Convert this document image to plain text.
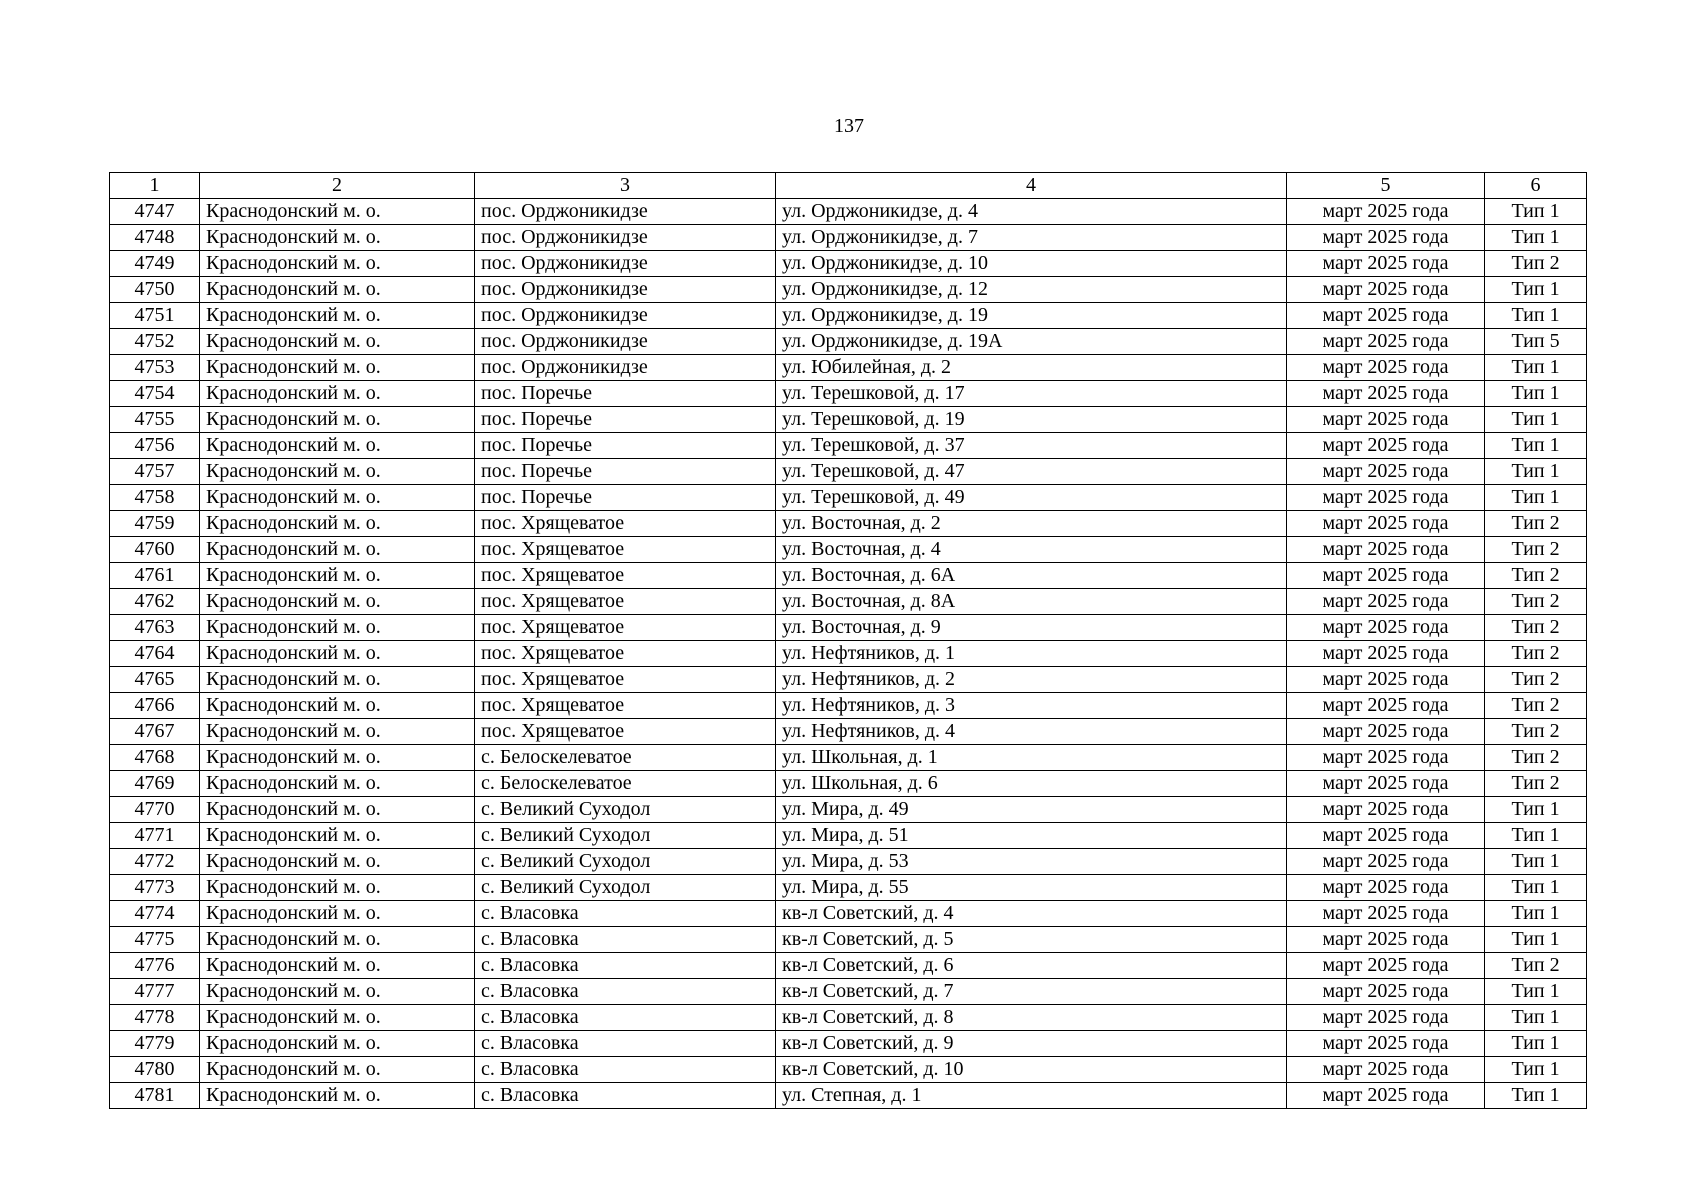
137
1	2	3	4	5	6
4747	Краснодонский м. о.	пос. Орджоникидзе	ул. Орджоникидзе, д. 4	март 2025 года	Тип 1
4748	Краснодонский м. о.	пос. Орджоникидзе	ул. Орджоникидзе, д. 7	март 2025 года	Тип 1
4749	Краснодонский м. о.	пос. Орджоникидзе	ул. Орджоникидзе, д. 10	март 2025 года	Тип 2
4750	Краснодонский м. о.	пос. Орджоникидзе	ул. Орджоникидзе, д. 12	март 2025 года	Тип 1
4751	Краснодонский м. о.	пос. Орджоникидзе	ул. Орджоникидзе, д. 19	март 2025 года	Тип 1
4752	Краснодонский м. о.	пос. Орджоникидзе	ул. Орджоникидзе, д. 19А	март 2025 года	Тип 5
4753	Краснодонский м. о.	пос. Орджоникидзе	ул. Юбилейная, д. 2	март 2025 года	Тип 1
4754	Краснодонский м. о.	пос. Поречье	ул. Терешковой, д. 17	март 2025 года	Тип 1
4755	Краснодонский м. о.	пос. Поречье	ул. Терешковой, д. 19	март 2025 года	Тип 1
4756	Краснодонский м. о.	пос. Поречье	ул. Терешковой, д. 37	март 2025 года	Тип 1
4757	Краснодонский м. о.	пос. Поречье	ул. Терешковой, д. 47	март 2025 года	Тип 1
4758	Краснодонский м. о.	пос. Поречье	ул. Терешковой, д. 49	март 2025 года	Тип 1
4759	Краснодонский м. о.	пос. Хрящеватое	ул. Восточная, д. 2	март 2025 года	Тип 2
4760	Краснодонский м. о.	пос. Хрящеватое	ул. Восточная, д. 4	март 2025 года	Тип 2
4761	Краснодонский м. о.	пос. Хрящеватое	ул. Восточная, д. 6А	март 2025 года	Тип 2
4762	Краснодонский м. о.	пос. Хрящеватое	ул. Восточная, д. 8А	март 2025 года	Тип 2
4763	Краснодонский м. о.	пос. Хрящеватое	ул. Восточная, д. 9	март 2025 года	Тип 2
4764	Краснодонский м. о.	пос. Хрящеватое	ул. Нефтяников, д. 1	март 2025 года	Тип 2
4765	Краснодонский м. о.	пос. Хрящеватое	ул. Нефтяников, д. 2	март 2025 года	Тип 2
4766	Краснодонский м. о.	пос. Хрящеватое	ул. Нефтяников, д. 3	март 2025 года	Тип 2
4767	Краснодонский м. о.	пос. Хрящеватое	ул. Нефтяников, д. 4	март 2025 года	Тип 2
4768	Краснодонский м. о.	с. Белоскелеватое	ул. Школьная, д. 1	март 2025 года	Тип 2
4769	Краснодонский м. о.	с. Белоскелеватое	ул. Школьная, д. 6	март 2025 года	Тип 2
4770	Краснодонский м. о.	с. Великий Суходол	ул. Мира, д. 49	март 2025 года	Тип 1
4771	Краснодонский м. о.	с. Великий Суходол	ул. Мира, д. 51	март 2025 года	Тип 1
4772	Краснодонский м. о.	с. Великий Суходол	ул. Мира, д. 53	март 2025 года	Тип 1
4773	Краснодонский м. о.	с. Великий Суходол	ул. Мира, д. 55	март 2025 года	Тип 1
4774	Краснодонский м. о.	с. Власовка	кв-л Советский, д. 4	март 2025 года	Тип 1
4775	Краснодонский м. о.	с. Власовка	кв-л Советский, д. 5	март 2025 года	Тип 1
4776	Краснодонский м. о.	с. Власовка	кв-л Советский, д. 6	март 2025 года	Тип 2
4777	Краснодонский м. о.	с. Власовка	кв-л Советский, д. 7	март 2025 года	Тип 1
4778	Краснодонский м. о.	с. Власовка	кв-л Советский, д. 8	март 2025 года	Тип 1
4779	Краснодонский м. о.	с. Власовка	кв-л Советский, д. 9	март 2025 года	Тип 1
4780	Краснодонский м. о.	с. Власовка	кв-л Советский, д. 10	март 2025 года	Тип 1
4781	Краснодонский м. о.	с. Власовка	ул. Степная, д. 1	март 2025 года	Тип 1
